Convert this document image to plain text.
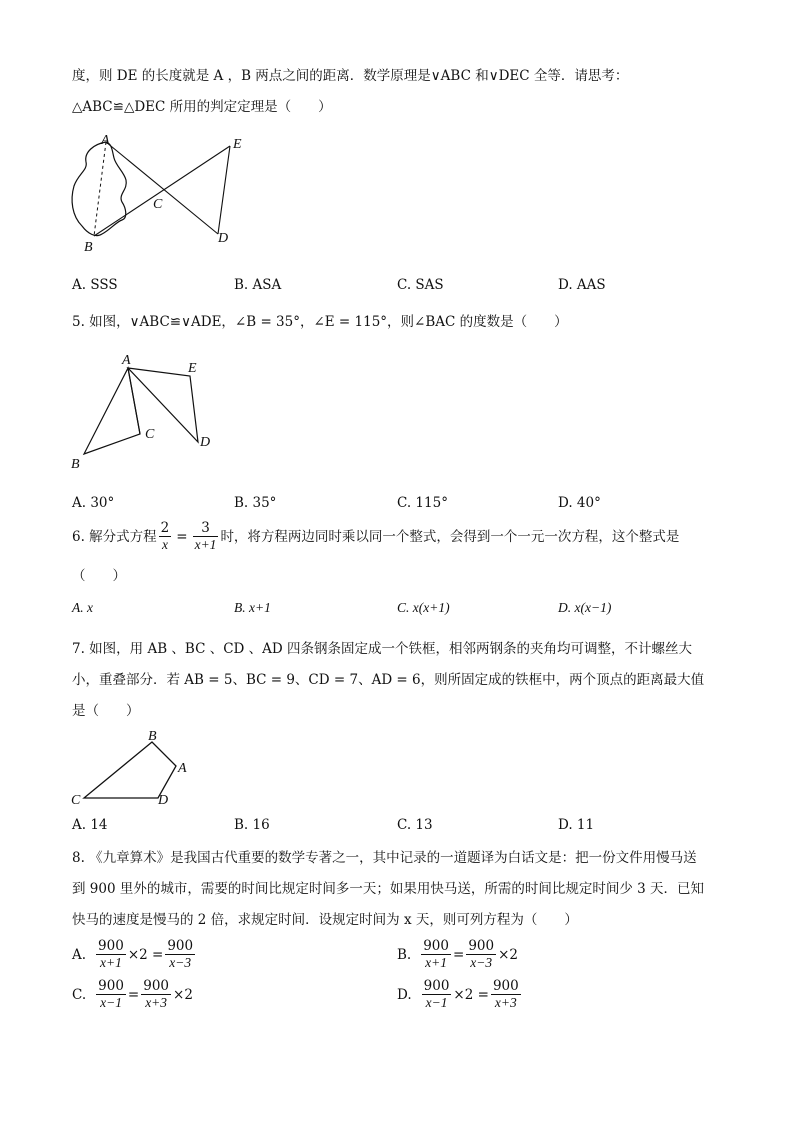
度，则 DE 的长度就是 A ，B 两点之间的距离．数学原理是∨ABC 和∨DEC 全等．请思考：
△ABC≌△DEC 所用的判定定理是（　　）
A
B
C
D
E
A. SSS	B. ASA	C. SAS	D. AAS
5. 如图，∨ABC≌∨ADE，∠B = 35°，∠E = 115°，则∠BAC 的度数是（　　）
A
B
C
D
E
A. 30°	B. 35°	C. 115°	D. 40°
6. 解分式方程 $\frac{2}{x} = \frac{3}{x+1}$ 时，将方程两边同时乘以同一个整式，会得到一个一元一次方程，这个整式是
（　　）
A. x	B. x+1	C. x(x+1)	D. x(x−1)
7. 如图，用 AB 、BC 、CD 、AD 四条钢条固定成一个铁框，相邻两钢条的夹角均可调整，不计螺丝大
小，重叠部分．若 AB = 5、BC = 9、CD = 7、AD = 6，则所固定成的铁框中，两个顶点的距离最大值
是（　　）
B
A
C	D
A. 14	B. 16	C. 13	D. 11
8. 《九章算术》是我国古代重要的数学专著之一，其中记录的一道题译为白话文是：把一份文件用慢马送
到 900 里外的城市，需要的时间比规定时间多一天；如果用快马送，所需的时间比规定时间少 3 天．已知
快马的速度是慢马的 2 倍，求规定时间．设规定时间为 x 天，则可列方程为（　　）
A. $\frac{900}{x+1} \times 2 = \frac{900}{x-3}$	B. $\frac{900}{x+1} = \frac{900}{x-3} \times 2$
C. $\frac{900}{x-1} = \frac{900}{x+3} \times 2$	D. $\frac{900}{x-1} \times 2 = \frac{900}{x+3}$
